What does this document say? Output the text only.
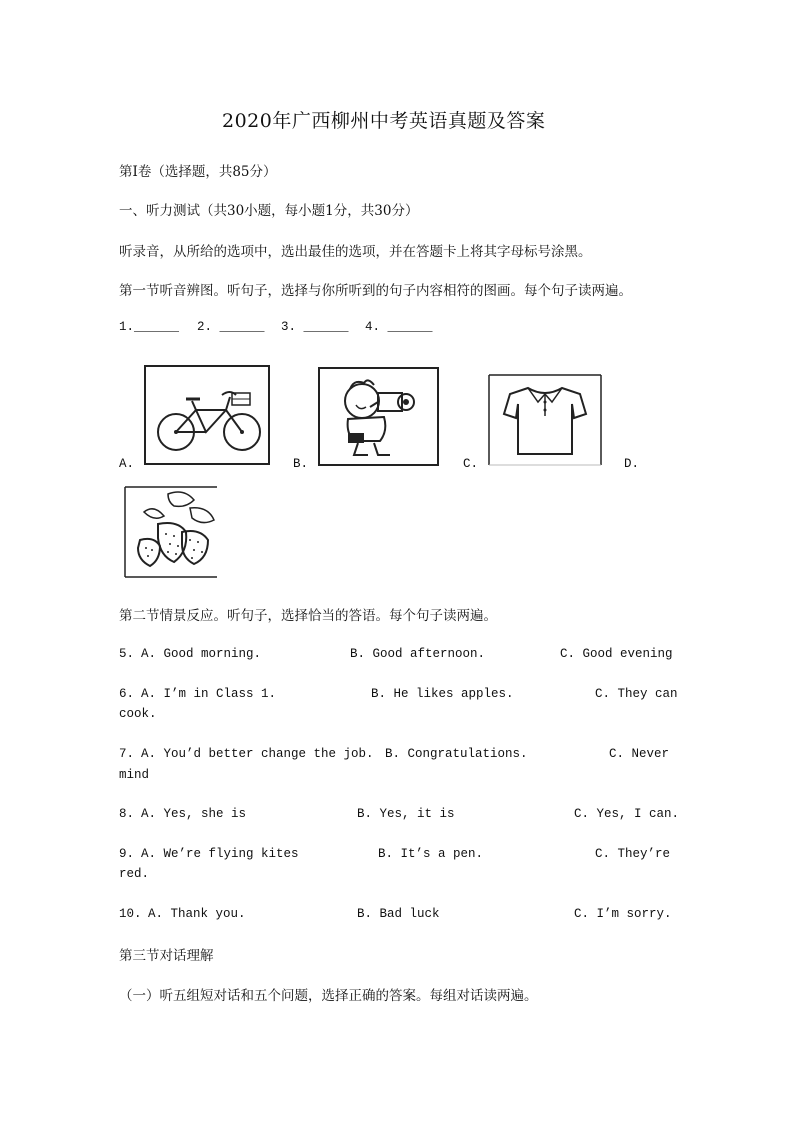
2020年广西柳州中考英语真题及答案
第Ⅰ卷（选择题，共85分）
一、听力测试（共30小题，每小题1分，共30分）
听录音，从所给的选项中，选出最佳的选项，并在答题卡上将其字母标号涂黑。
第一节听音辨图。听句子，选择与你所听到的句子内容相符的图画。每个句子读两遍。
1.______ 2. ______ 3. ______ 4. ______
A.	B.	C.	D.
第二节情景反应。听句子，选择恰当的答语。每个句子读两遍。
5. A. Good morning.	B. Good afternoon.	C. Good evening
6. A. I’m in Class 1.	B. He likes apples.	C. They can
cook.
7. A. You’d better change the job. B. Congratulations.	C. Never
mind
8. A. Yes, she is	B. Yes, it is	C. Yes, I can.
9. A. We’re flying kites	B. It’s a pen.	C. They’re
red.
10. A. Thank you.	B. Bad luck	C. I’m sorry.
第三节对话理解
（一）听五组短对话和五个问题，选择正确的答案。每组对话读两遍。
